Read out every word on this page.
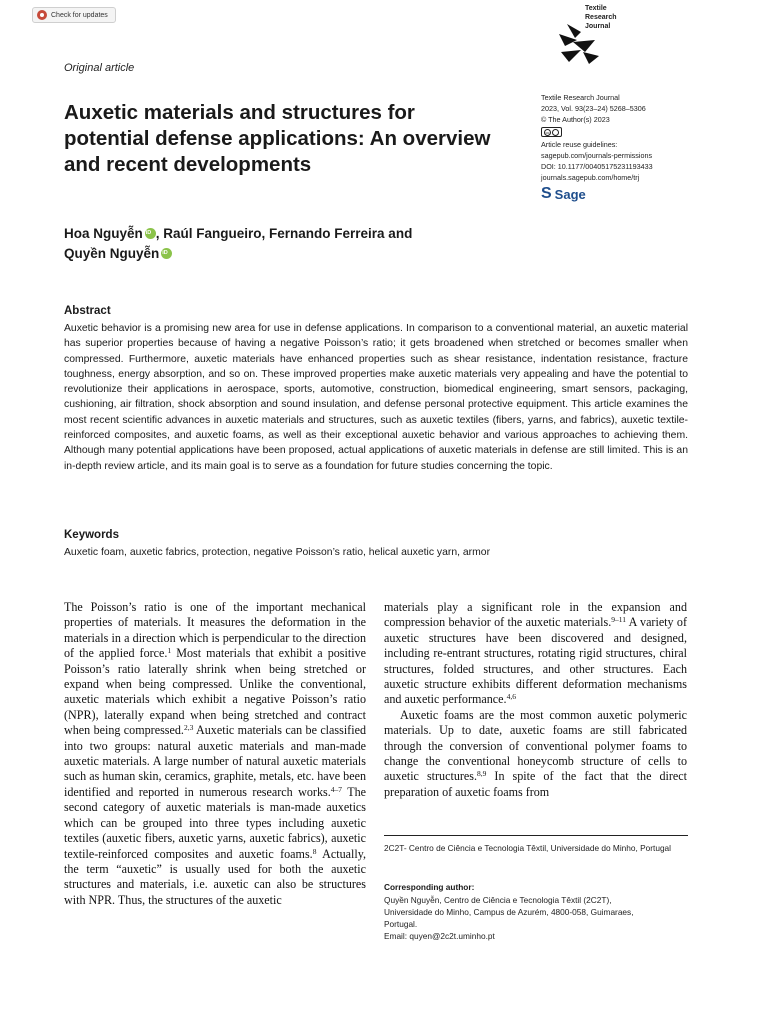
Check for updates
Textile
Research
Journal
Original article
Auxetic materials and structures for potential defense applications: An overview and recent developments
Textile Research Journal
2023, Vol. 93(23–24) 5268–5306
© The Author(s) 2023
cc
Article reuse guidelines:
sagepub.com/journals-permissions
DOI: 10.1177/00405175231193433
journals.sagepub.com/home/trj
S Sage
Hoa NguyễniD , Raúl Fangueiro, Fernando Ferreira and
Quyền NguyễniD
Abstract

Auxetic behavior is a promising new area for use in defense applications. In comparison to a conventional material, an auxetic material has superior properties because of having a negative Poisson’s ratio; it gets broadened when stretched or becomes smaller when compressed. Furthermore, auxetic materials have enhanced properties such as shear resistance, indentation resistance, fracture toughness, energy absorption, and so on. These improved properties make auxetic materials very appealing and have the potential to revolutionize their applications in aerospace, sports, automotive, construction, biomedical engineering, smart sensors, packaging, cushioning, air filtration, shock absorption and sound insulation, and defense personal protective equipment. This article examines the most recent scientific advances in auxetic materials and structures, such as auxetic textiles (fibers, yarns, and fabrics), auxetic textile-reinforced composites, and auxetic foams, as well as their exceptional auxetic behavior and various approaches to achieving them. Although many potential applications have been proposed, actual applications of auxetic materials in defense are still limited. This is an in-depth review article, and its main goal is to serve as a foundation for future studies concerning the topic.

Keywords

Auxetic foam, auxetic fabrics, protection, negative Poisson’s ratio, helical auxetic yarn, armor

The Poisson’s ratio is one of the important mechanical properties of materials. It measures the deformation in the materials in a direction which is perpendicular to the direction of the applied force.$^1$ Most materials that exhibit a positive Poisson’s ratio laterally shrink when being stretched or expand when being compressed. Unlike the conventional, auxetic materials which exhibit a negative Poisson’s ratio (NPR), laterally expand when being stretched and contract when being compressed.$^{2,3}$ Auxetic materials can be classified into two groups: natural auxetic materials and man-made auxetic materials. A large number of natural auxetic materials such as human skin, ceramics, graphite, metals, etc. have been identified and reported in numerous research works.$^{4-7}$ The second category of auxetic materials is man-made auxetics which can be grouped into three types including auxetic textiles (auxetic fibers, auxetic yarns, auxetic fabrics), auxetic textile-reinforced composites and auxetic foams.$^8$ Actually, the term “auxetic” is usually used for both the auxetic structures and materials, i.e. auxetic can also be structures with NPR. Thus, the structures of the auxetic

materials play a significant role in the expansion and compression behavior of the auxetic materials.$^{9-11}$ A variety of auxetic structures have been discovered and designed, including re-entrant structures, rotating rigid structures, chiral structures, folded structures, and other structures. Each auxetic structure exhibits different deformation mechanisms and auxetic performance.$^{4,6}$

Auxetic foams are the most common auxetic polymeric materials. Up to date, auxetic foams are still fabricated through the conversion of conventional polymer foams to change the conventional honeycomb structure of cells to auxetic structures.$^{8,9}$ In spite of the fact that the direct preparation of auxetic foams from

2C2T- Centro de Ciência e Tecnologia Têxtil, Universidade do Minho, Portugal

Corresponding author:
Quyền Nguyễn, Centro de Ciência e Tecnologia Têxtil (2C2T),
Universidade do Minho, Campus de Azurém, 4800-058, Guimaraes,
Portugal.
Email: quyen@2c2t.uminho.pt
